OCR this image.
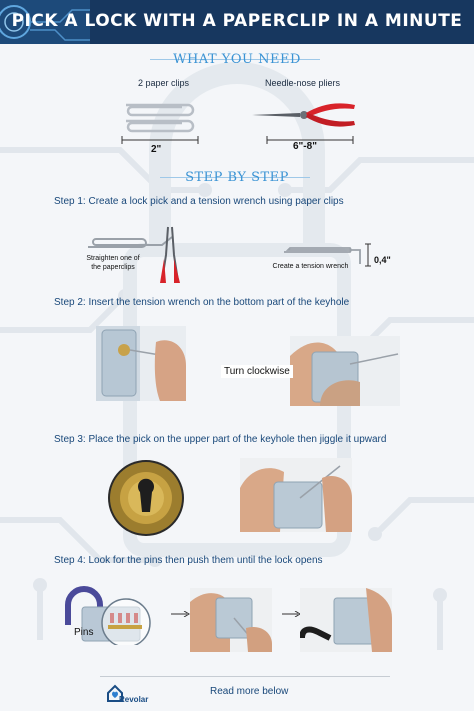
PICK A LOCK WITH A PAPERCLIP IN A MINUTE
WHAT YOU NEED
2 paper clips	Needle-nose pliers
2"	6"-8"
STEP BY STEP
Step 1: Create a lock pick and a tension wrench using paper clips
Straighten one of
the paperclips	Create a tension wrench
0,4"
Step 2: Insert the tension wrench on the bottom part of the keyhole
Turn clockwise
Step 3: Place the pick on the upper part of the keyhole then jiggle it upward
Step 4: Look for the pins then push them until the lock opens
Pins
Revolar
Read more below
